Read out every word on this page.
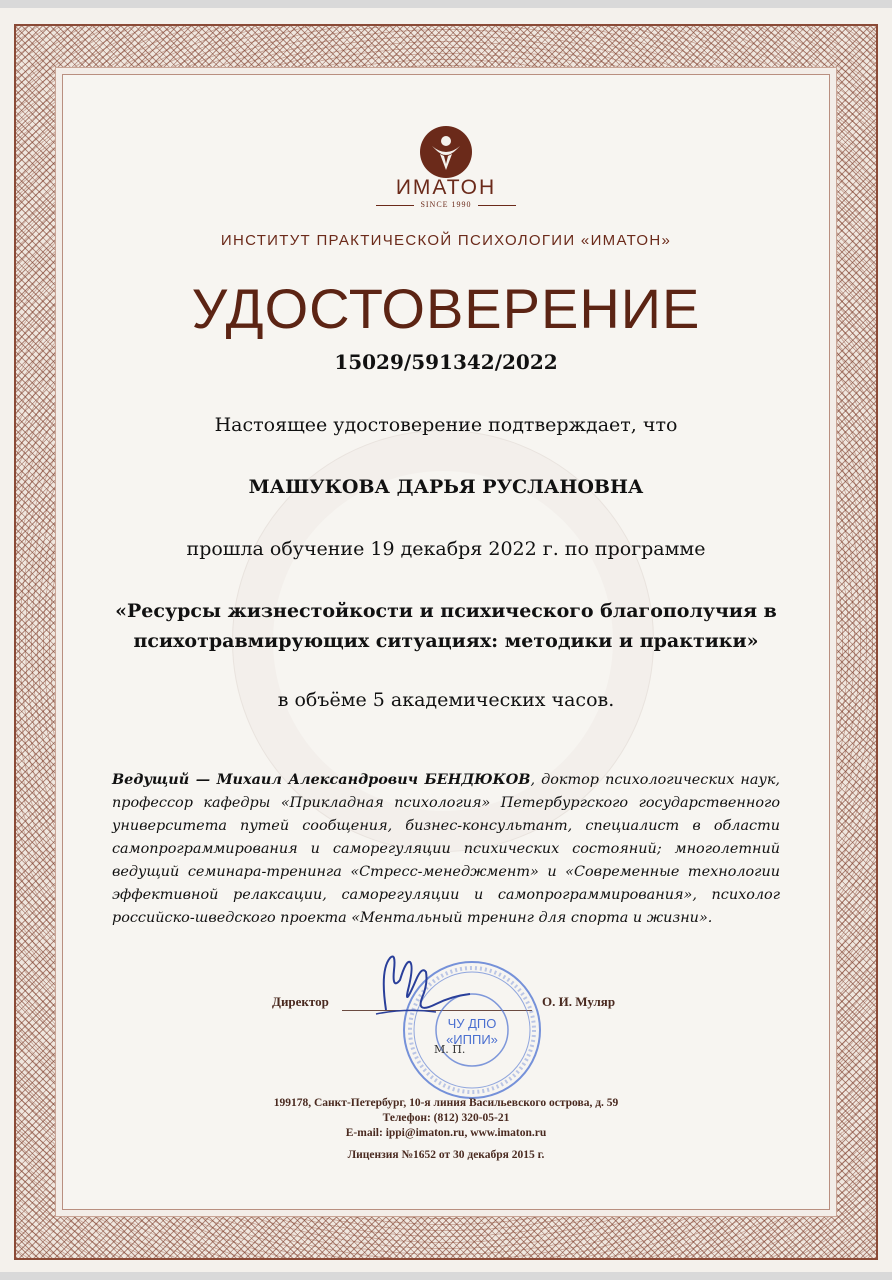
ИМАТОН
SINCE 1990
ИНСТИТУТ ПРАКТИЧЕСКОЙ ПСИХОЛОГИИ «ИМАТОН»
УДОСТОВЕРЕНИЕ
15029/591342/2022
Настоящее удостоверение подтверждает, что
МАШУКОВА ДАРЬЯ РУСЛАНОВНА
прошла обучение 19 декабря 2022 г. по программе
«Ресурсы жизнестойкости и психического благополучия в
психотравмирующих ситуациях: методики и практики»
в объёме 5 академических часов.
Ведущий — Михаил Александрович БЕНДЮКОВ, доктор психологических наук, профессор кафедры «Прикладная психология» Петербургского государственного университета путей сообщения, бизнес-консультант, специалист в области самопрограммирования и саморегуляции психических состояний; многолетний ведущий семинара-тренинга «Стресс-менеджмент» и «Современные технологии эффективной релаксации, саморегуляции и самопрограммирования», психолог российско-шведского проекта «Ментальный тренинг для спорта и жизни».
Директор	О. И. Муляр
ЧУ ДПО
«ИППИ»
М. П.
199178, Санкт-Петербург, 10-я линия Васильевского острова, д. 59
Телефон: (812) 320-05-21
E-mail: ippi@imaton.ru, www.imaton.ru
Лицензия №1652 от 30 декабря 2015 г.
